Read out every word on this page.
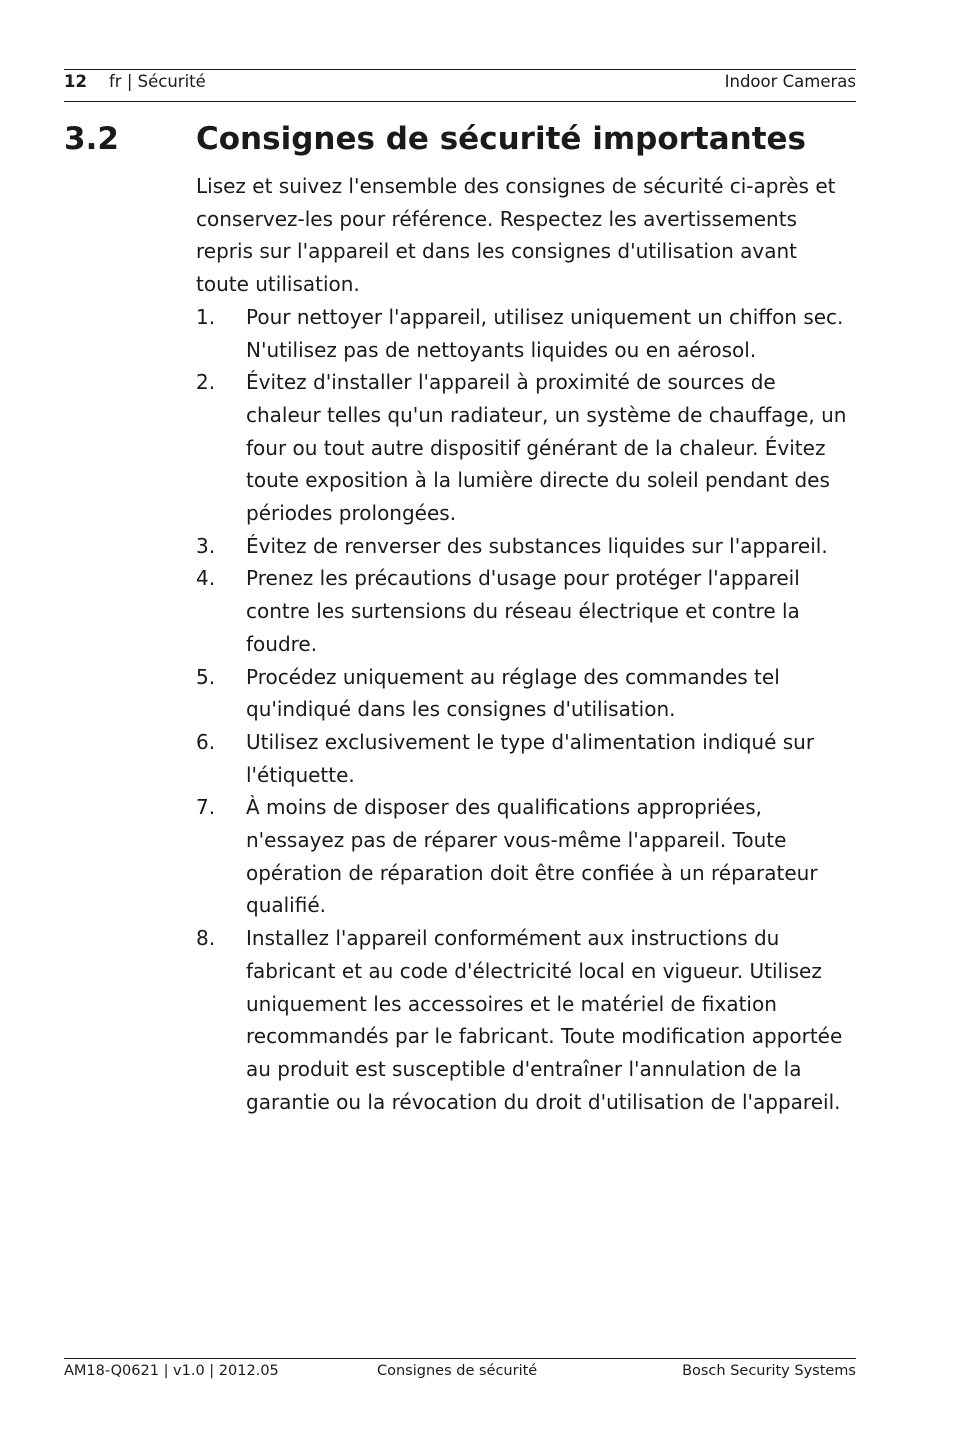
12 fr | Sécurité	Indoor Cameras
3.2 Consignes de sécurité importantes

Lisez et suivez l'ensemble des consignes de sécurité ci-après et conservez-les pour référence. Respectez les avertissements repris sur l'appareil et dans les consignes d'utilisation avant toute utilisation.

1. Pour nettoyer l'appareil, utilisez uniquement un chiffon sec. N'utilisez pas de nettoyants liquides ou en aérosol.
2. Évitez d'installer l'appareil à proximité de sources de chaleur telles qu'un radiateur, un système de chauffage, un four ou tout autre dispositif générant de la chaleur. Évitez toute exposition à la lumière directe du soleil pendant des périodes prolongées.
3. Évitez de renverser des substances liquides sur l'appareil.
4. Prenez les précautions d'usage pour protéger l'appareil contre les surtensions du réseau électrique et contre la foudre.
5. Procédez uniquement au réglage des commandes tel qu'indiqué dans les consignes d'utilisation.
6. Utilisez exclusivement le type d'alimentation indiqué sur l'étiquette.
7. À moins de disposer des qualifications appropriées, n'essayez pas de réparer vous-même l'appareil. Toute opération de réparation doit être confiée à un réparateur qualifié.
8. Installez l'appareil conformément aux instructions du fabricant et au code d'électricité local en vigueur. Utilisez uniquement les accessoires et le matériel de fixation recommandés par le fabricant. Toute modification apportée au produit est susceptible d'entraîner l'annulation de la garantie ou la révocation du droit d'utilisation de l'appareil.
AM18-Q0621 | v1.0 | 2012.05	Consignes de sécurité	Bosch Security Systems
